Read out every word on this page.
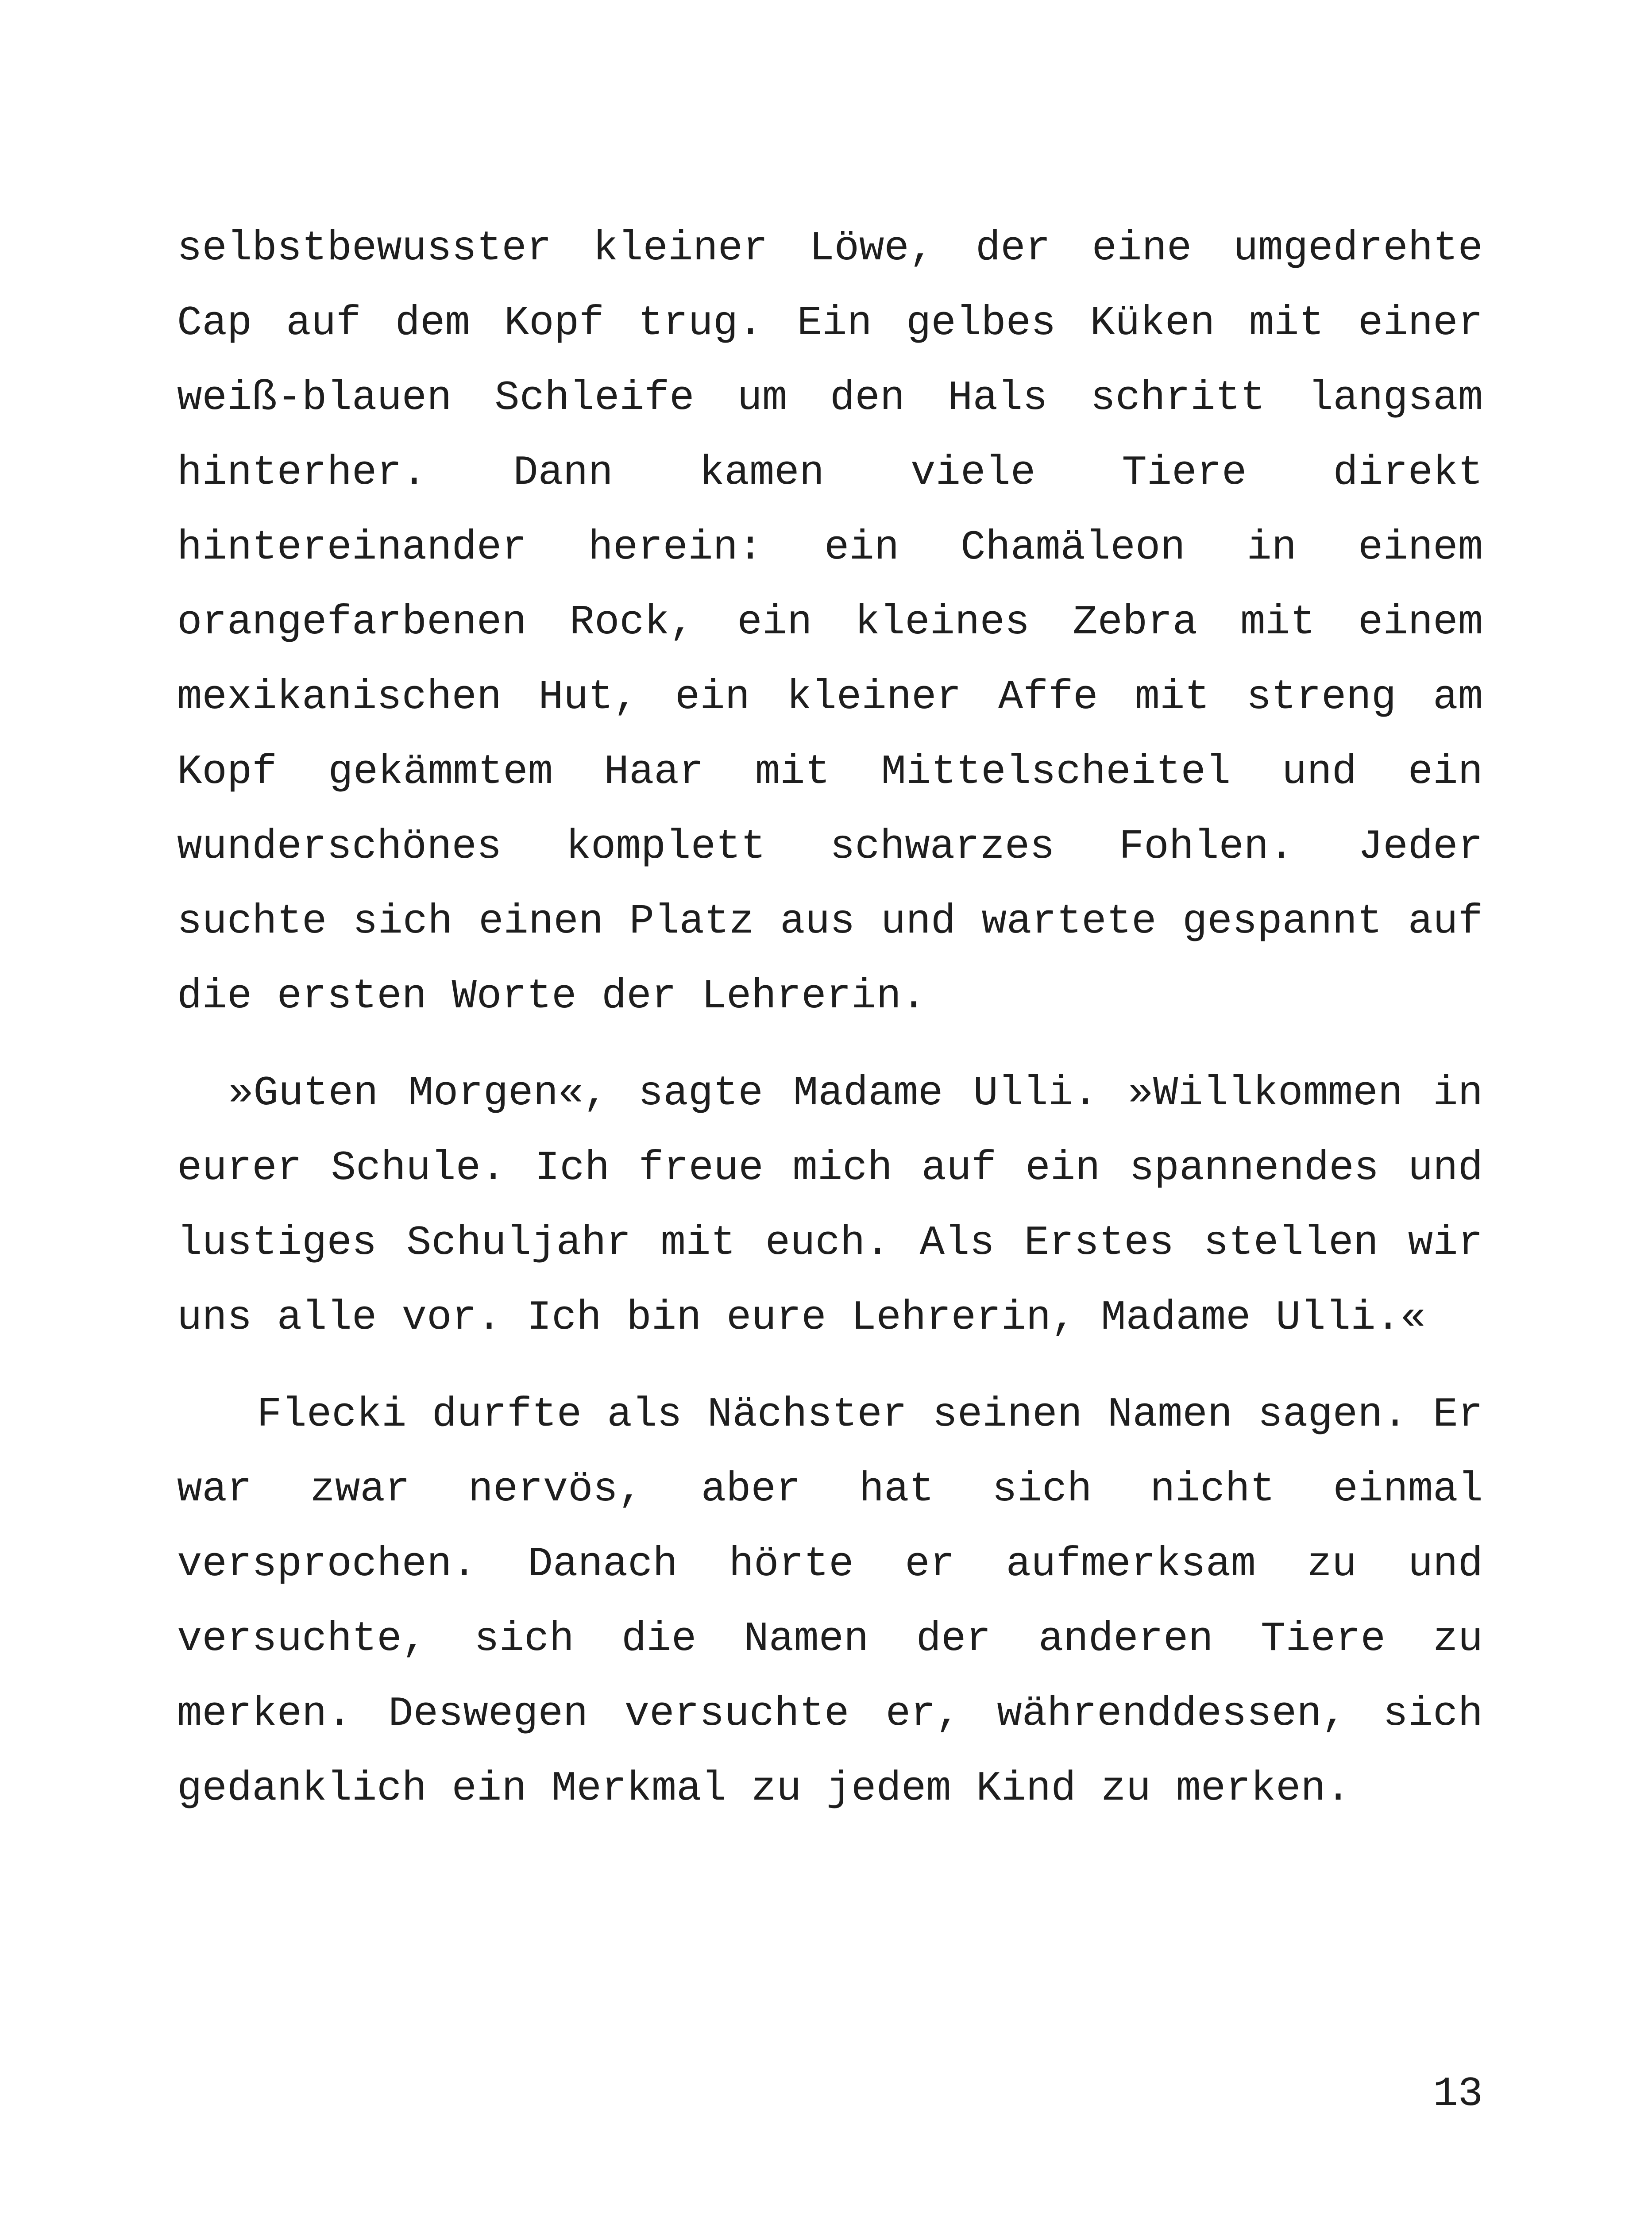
selbstbewusster kleiner Löwe, der eine umgedrehte Cap auf dem Kopf trug. Ein gelbes Küken mit einer weiß-blauen Schleife um den Hals schritt langsam hinterher. Dann kamen viele Tiere direkt hintereinander herein: ein Chamäleon in einem orangefarbenen Rock, ein kleines Zebra mit einem mexikanischen Hut, ein kleiner Affe mit streng am Kopf gekämmtem Haar mit Mittelscheitel und ein wunderschönes komplett schwarzes Fohlen. Jeder suchte sich einen Platz aus und wartete gespannt auf die ersten Worte der Lehrerin.

»Guten Morgen«, sagte Madame Ulli. »Willkommen in eurer Schule. Ich freue mich auf ein spannendes und lustiges Schuljahr mit euch. Als Erstes stellen wir uns alle vor. Ich bin eure Lehrerin, Madame Ulli.«

Flecki durfte als Nächster seinen Namen sagen. Er war zwar nervös, aber hat sich nicht einmal versprochen. Danach hörte er aufmerksam zu und versuchte, sich die Namen der anderen Tiere zu merken. Deswegen versuchte er, währenddessen, sich gedanklich ein Merkmal zu jedem Kind zu merken.

13
